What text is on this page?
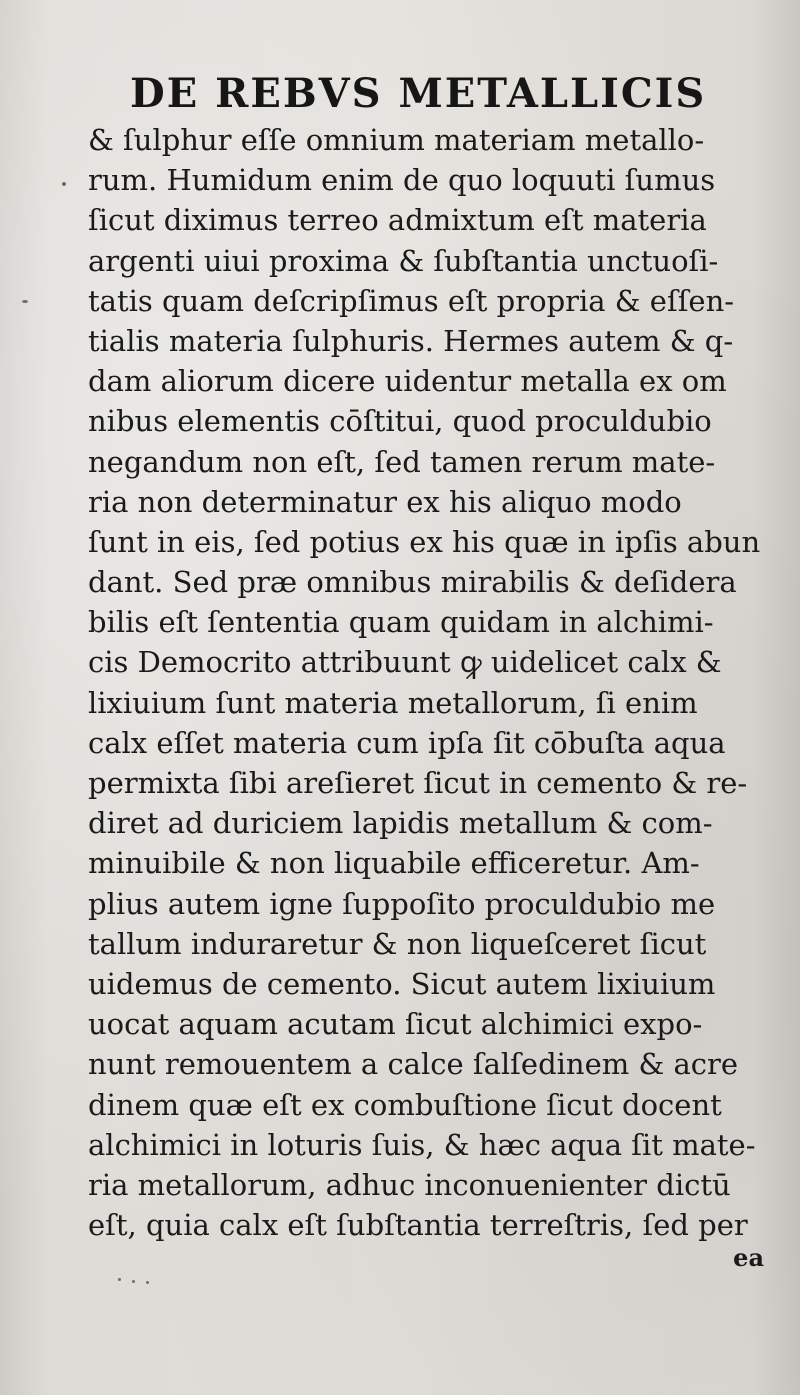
DE REBVS METALLICIS
& ſulphur eſſe omnium materiam metallo-
rum. Humidum enim de quo loquuti ſumus
ſicut diximus terreo admixtum eſt materia
argenti uiui proxima & ſubſtantia unctuoſi-
tatis quam deſcripſimus eſt propria & eſſen-
tialis materia ſulphuris. Hermes autem & q-
dam aliorum dicere uidentur metalla ex om
nibus elementis cōſtitui, quod proculdubio
negandum non eſt, ſed tamen rerum mate-
ria non determinatur ex his aliquo modo
ſunt in eis, ſed potius ex his quæ in ipſis abun
dant. Sed præ omnibus mirabilis & deſidera
bilis eſt ſententia quam quidam in alchimi-
cis Democrito attribuunt ꝙ uidelicet calx &
lixiuium ſunt materia metallorum, ſi enim
calx eſſet materia cum ipſa ſit cōbuſta aqua
permixta ſibi areſieret ſicut in cemento & re-
diret ad duriciem lapidis metallum & com-
minuibile & non liquabile efficeretur. Am-
plius autem igne ſuppoſito proculdubio me
tallum induraretur & non liqueſceret ſicut
uidemus de cemento. Sicut autem lixiuium
uocat aquam acutam ſicut alchimici expo-
nunt remouentem a calce ſalſedinem & acre
dinem quæ eſt ex combuſtione ſicut docent
alchimici in loturis ſuis, & hæc aqua ſit mate-
ria metallorum, adhuc inconuenienter dictū
eſt, quia calx eſt ſubſtantia terreſtris, ſed per
ea
